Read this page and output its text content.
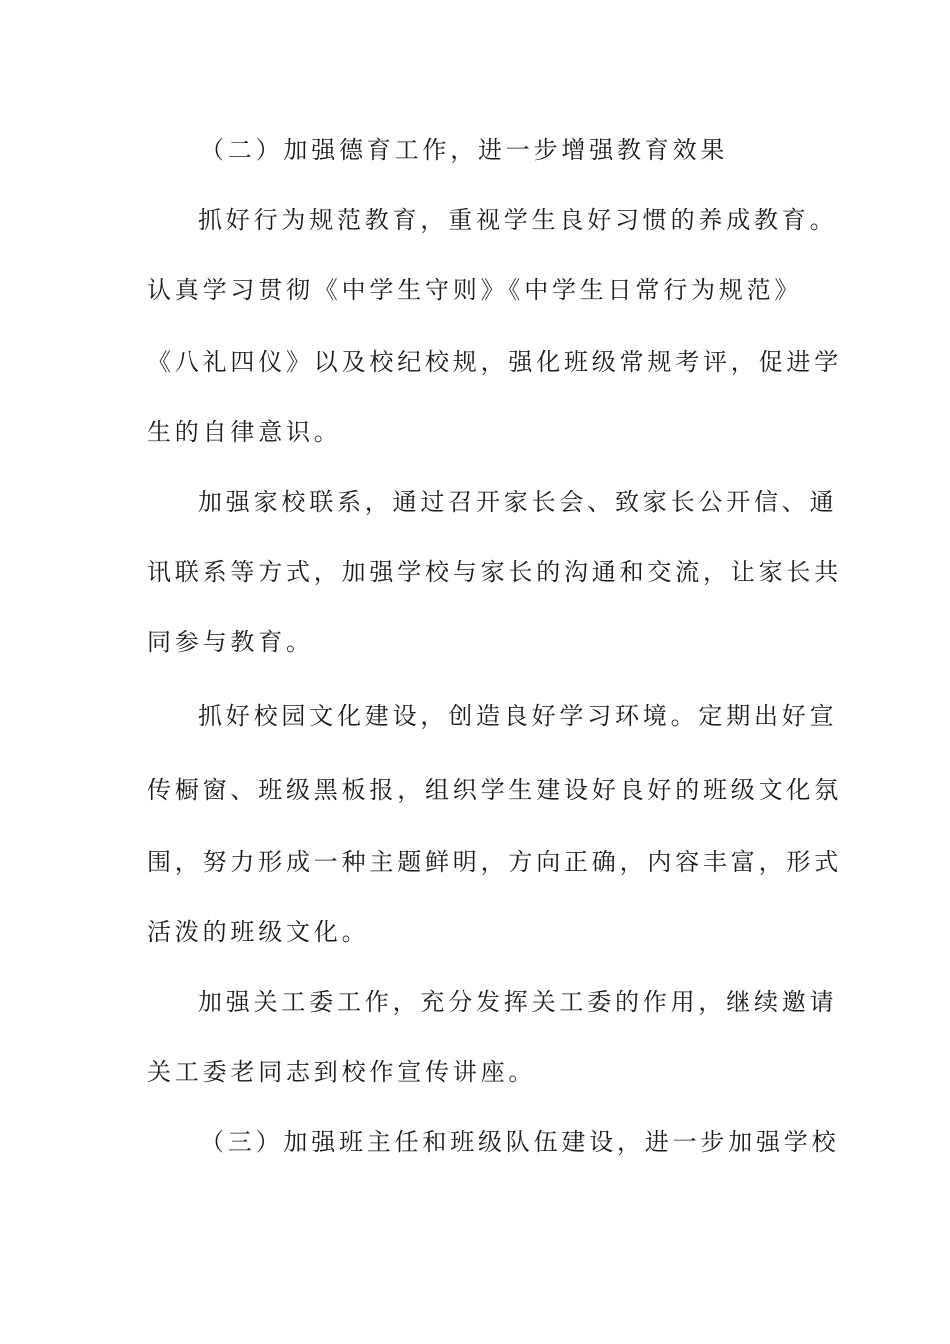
（二）加强德育工作，进一步增强教育效果
抓好行为规范教育，重视学生良好习惯的养成教育。
认真学习贯彻《中学生守则》《中学生日常行为规范》
《八礼四仪》以及校纪校规，强化班级常规考评，促进学
生的自律意识。
加强家校联系，通过召开家长会、致家长公开信、通
讯联系等方式，加强学校与家长的沟通和交流，让家长共
同参与教育。
抓好校园文化建设，创造良好学习环境。定期出好宣
传橱窗、班级黑板报，组织学生建设好良好的班级文化氛
围，努力形成一种主题鲜明，方向正确，内容丰富，形式
活泼的班级文化。
加强关工委工作，充分发挥关工委的作用，继续邀请
关工委老同志到校作宣传讲座。
（三）加强班主任和班级队伍建设，进一步加强学校
